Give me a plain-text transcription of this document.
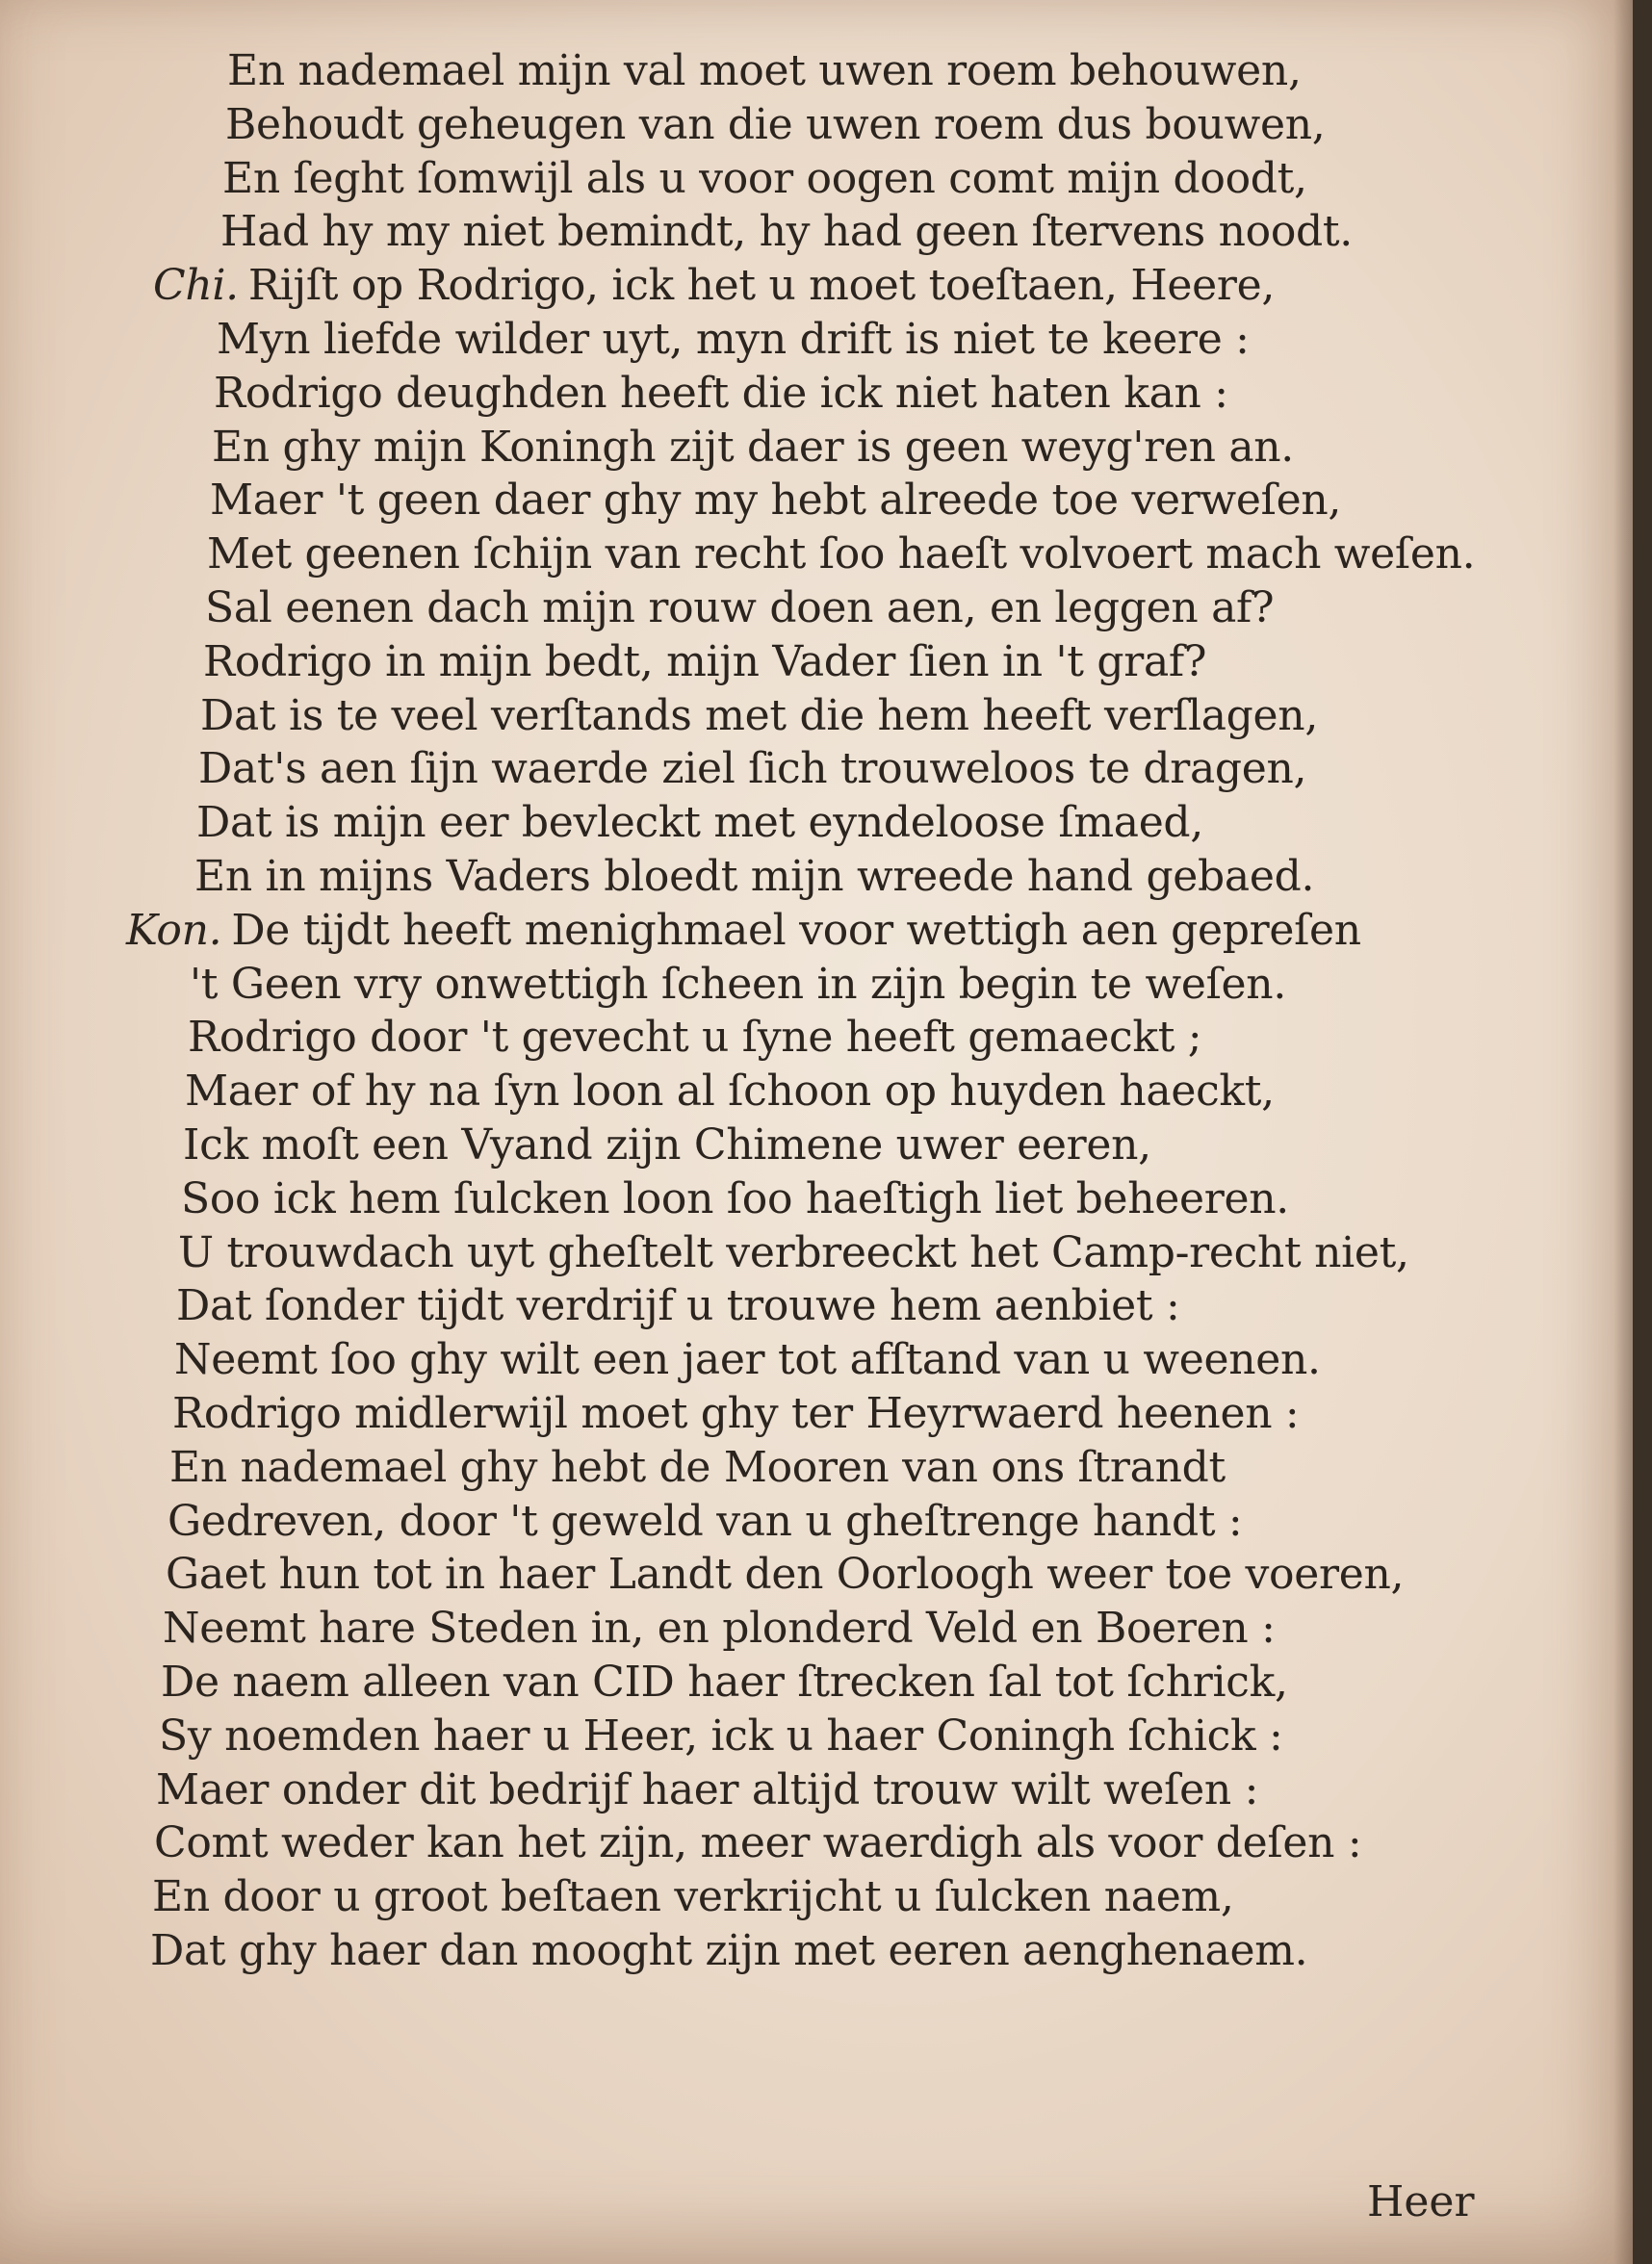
En nademael mijn val moet uwen roem behouwen,
Behoudt geheugen van die uwen roem dus bouwen,
En ſeght ſomwijl als u voor oogen comt mijn doodt,
Had hy my niet bemindt, hy had geen ſtervens noodt.
Chi. Rijſt op Rodrigo, ick het u moet toeſtaen, Heere,
Myn liefde wilder uyt, myn drift is niet te keere :
Rodrigo deughden heeft die ick niet haten kan :
En ghy mijn Koningh zijt daer is geen weyg'ren an.
Maer 't geen daer ghy my hebt alreede toe verweſen,
Met geenen ſchijn van recht ſoo haeſt volvoert mach weſen.
Sal eenen dach mijn rouw doen aen, en leggen af?
Rodrigo in mijn bedt, mijn Vader ſien in 't graf?
Dat is te veel verſtands met die hem heeft verſlagen,
Dat's aen ſijn waerde ziel ſich trouweloos te dragen,
Dat is mijn eer bevleckt met eyndeloose ſmaed,
En in mijns Vaders bloedt mijn wreede hand gebaed.
Kon. De tijdt heeft menighmael voor wettigh aen gepreſen
't Geen vry onwettigh ſcheen in zijn begin te weſen.
Rodrigo door 't gevecht u ſyne heeft gemaeckt ;
Maer of hy na ſyn loon al ſchoon op huyden haeckt,
Ick moſt een Vyand zijn Chimene uwer eeren,
Soo ick hem ſulcken loon ſoo haeſtigh liet beheeren.
U trouwdach uyt gheſtelt verbreeckt het Camp-recht niet,
Dat ſonder tijdt verdrijf u trouwe hem aenbiet :
Neemt ſoo ghy wilt een jaer tot afſtand van u weenen.
Rodrigo midlerwijl moet ghy ter Heyrwaerd heenen :
En nademael ghy hebt de Mooren van ons ſtrandt
Gedreven, door 't geweld van u gheſtrenge handt :
Gaet hun tot in haer Landt den Oorloogh weer toe voeren,
Neemt hare Steden in, en plonderd Veld en Boeren :
De naem alleen van CID haer ſtrecken ſal tot ſchrick,
Sy noemden haer u Heer, ick u haer Coningh ſchick :
Maer onder dit bedrijf haer altijd trouw wilt weſen :
Comt weder kan het zijn, meer waerdigh als voor deſen :
En door u groot beſtaen verkrijcht u ſulcken naem,
Dat ghy haer dan mooght zijn met eeren aenghenaem.
Heer
